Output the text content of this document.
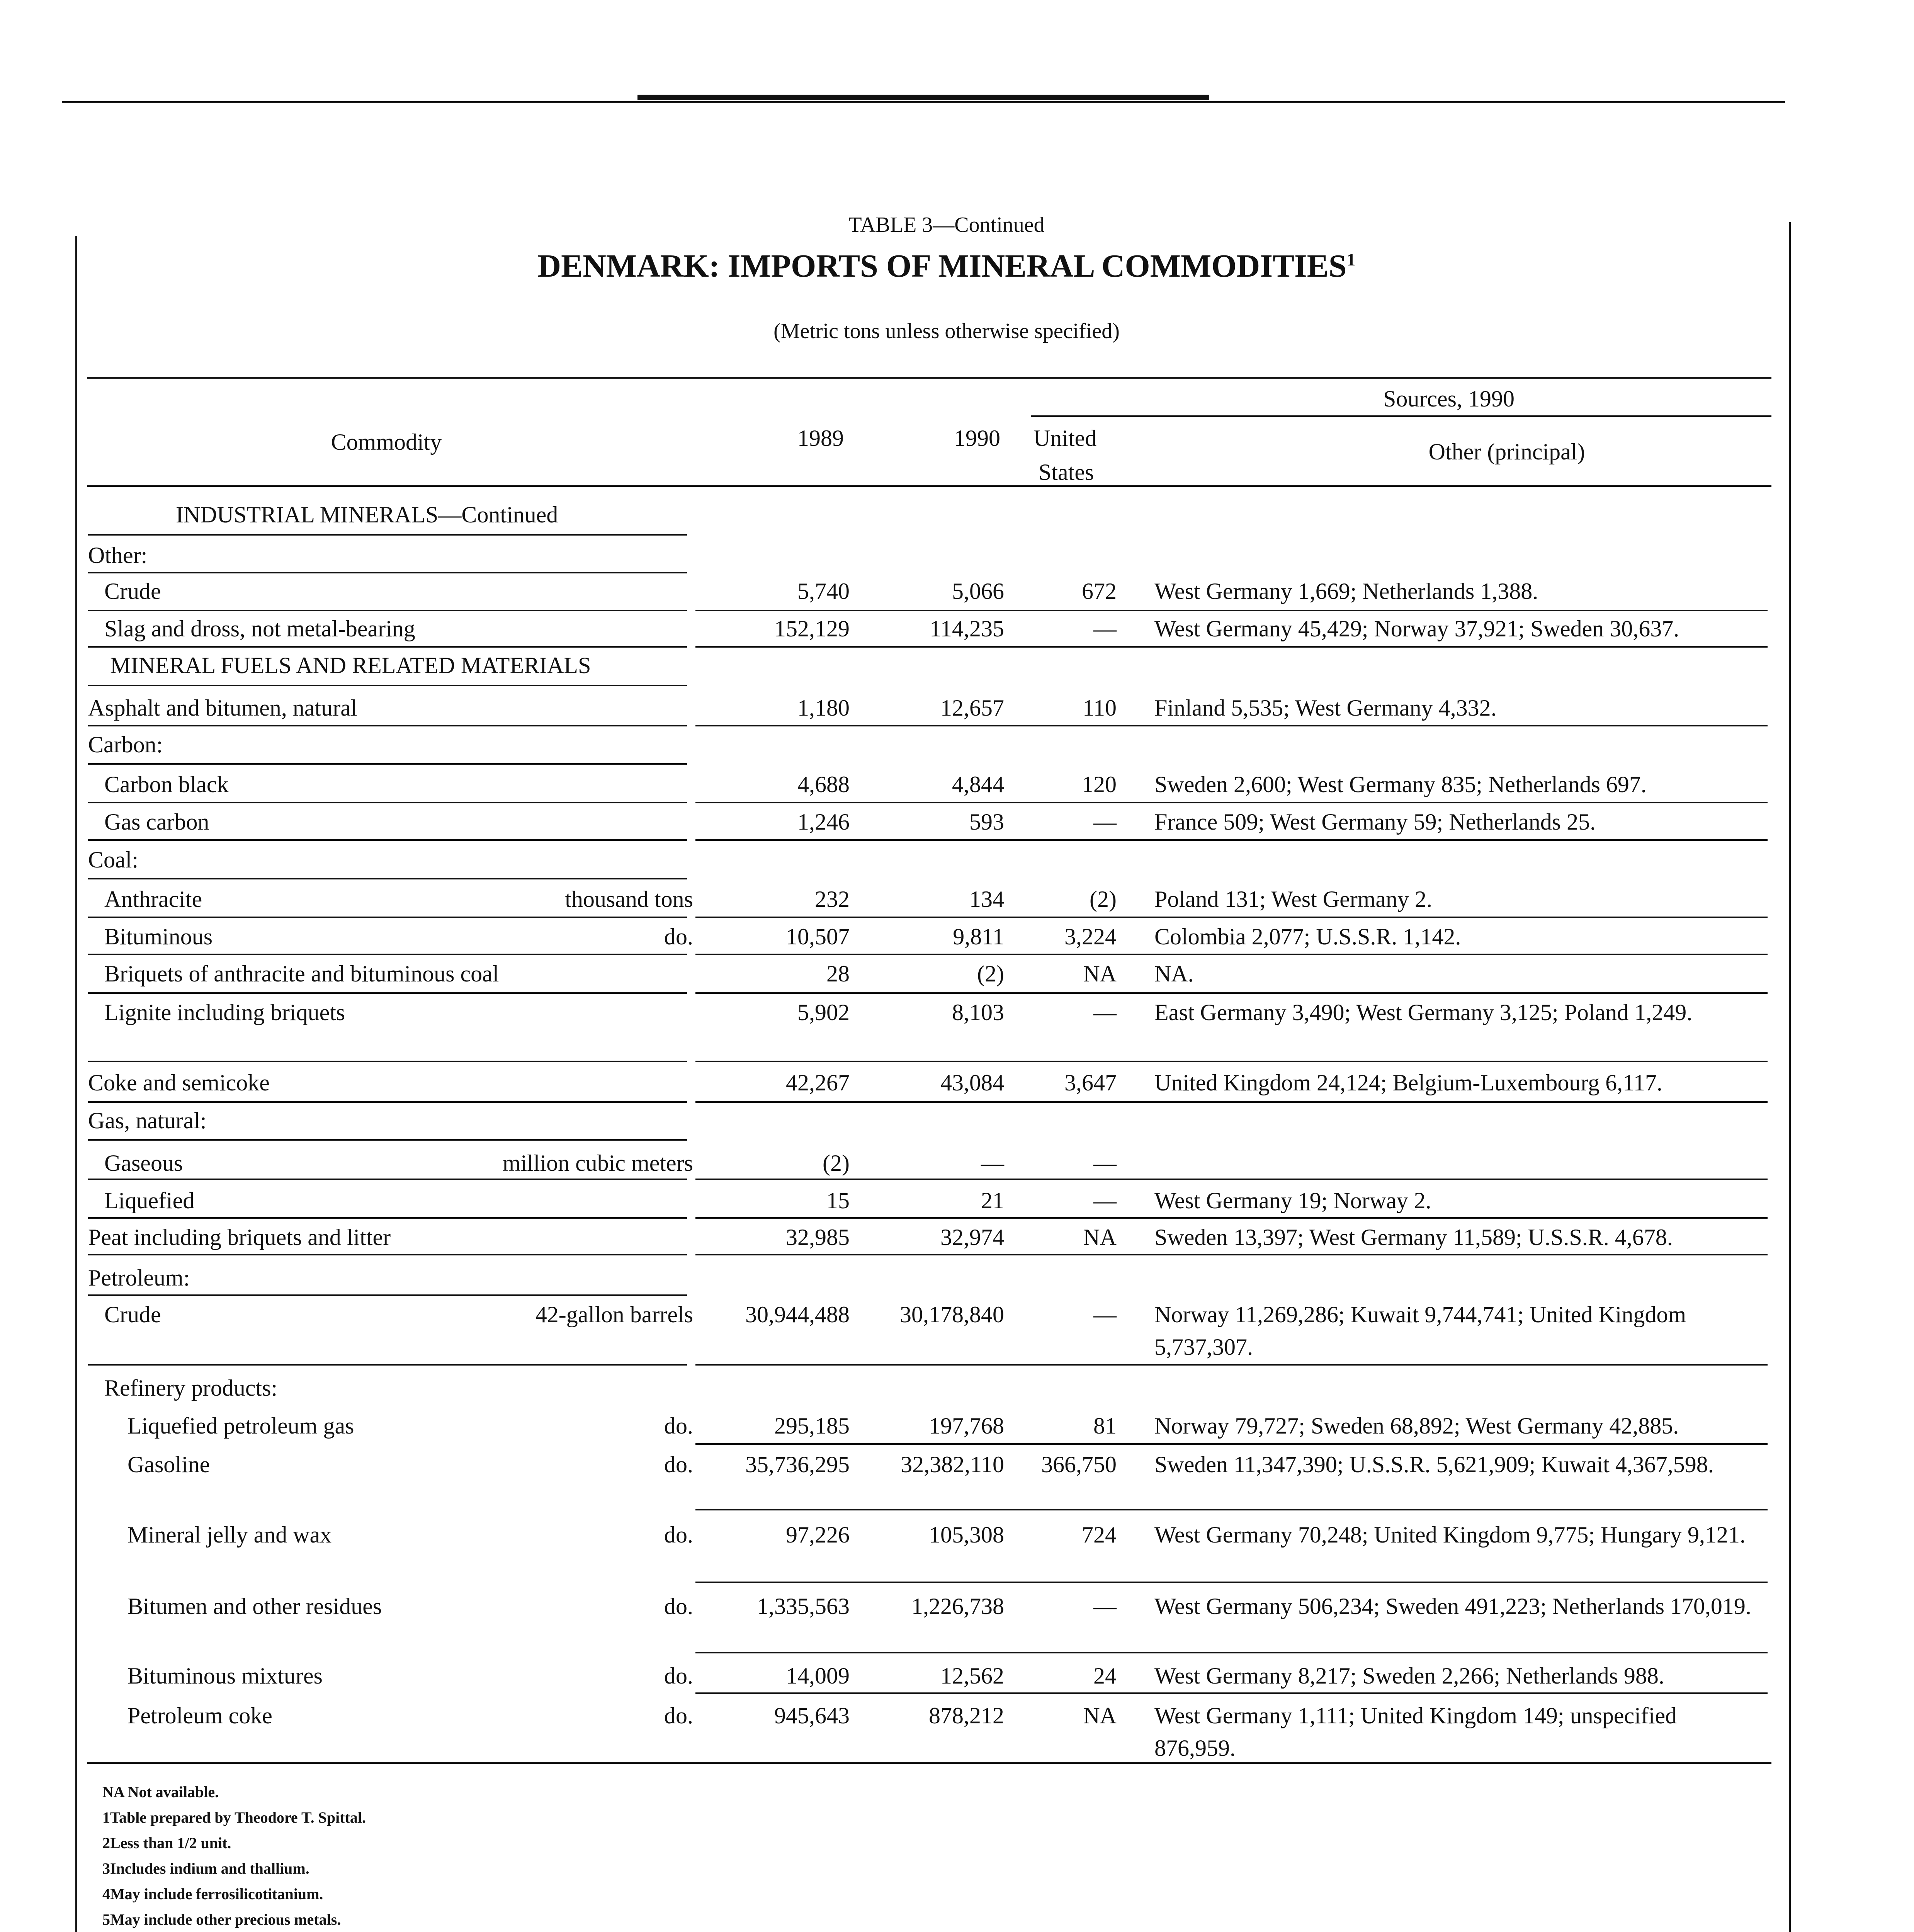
TABLE 3—Continued
DENMARK: IMPORTS OF MINERAL COMMODITIES$^1$
(Metric tons unless otherwise specified)
Sources, 1990
Commodity	1989	1990 United
States
Other (principal)
INDUSTRIAL MINERALS—Continued
Other:
Crude	5,740	5,066	672 West Germany 1,669; Netherlands 1,388.
Slag and dross, not metal-bearing	152,129	114,235	— West Germany 45,429; Norway 37,921; Sweden 30,637.
MINERAL FUELS AND RELATED MATERIALS
Asphalt and bitumen, natural	1,180	12,657	110 Finland 5,535; West Germany 4,332.
Carbon:
Carbon black	4,688	4,844	120 Sweden 2,600; West Germany 835; Netherlands 697.
Gas carbon	1,246	593	— France 509; West Germany 59; Netherlands 25.
Coal:
Anthracite	thousand tons	232	134	(2) Poland 131; West Germany 2.
Bituminous	do.	10,507	9,811	3,224 Colombia 2,077; U.S.S.R. 1,142.
Briquets of anthracite and bituminous coal	28	(2)	NA NA.
Lignite including briquets	5,902	8,103	— East Germany 3,490; West Germany 3,125; Poland 1,249.
Coke and semicoke	42,267	43,084	3,647 United Kingdom 24,124; Belgium-Luxembourg 6,117.
Gas, natural:
Gaseous	million cubic meters	(2)	—	—
Liquefied	15	21	— West Germany 19; Norway 2.
Peat including briquets and litter	32,985	32,974	NA Sweden 13,397; West Germany 11,589; U.S.S.R. 4,678.
Petroleum:
Crude	42-gallon barrels 30,944,488 30,178,840	— Norway 11,269,286; Kuwait 9,744,741; United Kingdom 5,737,307.
Refinery products:
Liquefied petroleum gas	do.	295,185	197,768	81 Norway 79,727; Sweden 68,892; West Germany 42,885.
Gasoline	do. 35,736,295 32,382,110 366,750 Sweden 11,347,390; U.S.S.R. 5,621,909; Kuwait 4,367,598.
Mineral jelly and wax	do.	97,226	105,308	724 West Germany 70,248; United Kingdom 9,775; Hungary 9,121.
Bitumen and other residues	do.	1,335,563	1,226,738	— West Germany 506,234; Sweden 491,223; Netherlands 170,019.
Bituminous mixtures	do.	14,009	12,562	24 West Germany 8,217; Sweden 2,266; Netherlands 988.
Petroleum coke	do.	945,643	878,212	NA West Germany 1,111; United Kingdom 149; unspecified 876,959.
NA Not available.
1Table prepared by Theodore T. Spittal.
2Less than 1/2 unit.
3Includes indium and thallium.
4May include ferrosilicotitanium.
5May include other precious metals.
